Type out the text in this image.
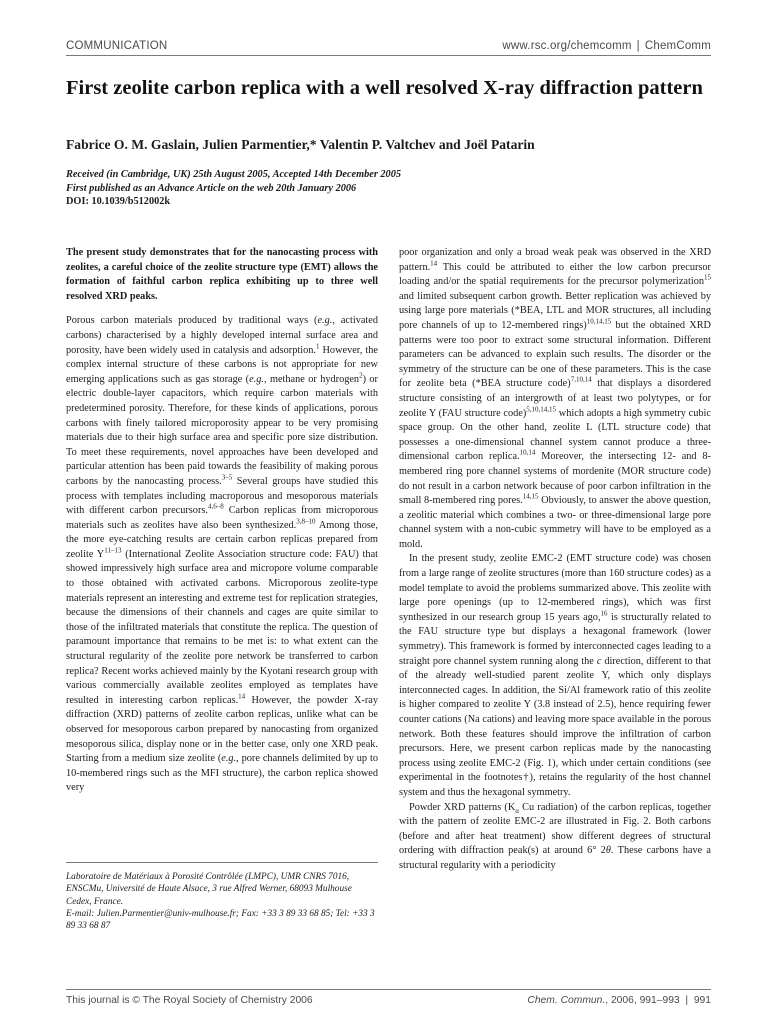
COMMUNICATION	www.rsc.org/chemcomm | ChemComm
First zeolite carbon replica with a well resolved X-ray diffraction pattern
Fabrice O. M. Gaslain, Julien Parmentier,* Valentin P. Valtchev and Joël Patarin
Received (in Cambridge, UK) 25th August 2005, Accepted 14th December 2005
First published as an Advance Article on the web 20th January 2006
DOI: 10.1039/b512002k

The present study demonstrates that for the nanocasting process with zeolites, a careful choice of the zeolite structure type (EMT) allows the formation of faithful carbon replica exhibiting up to three well resolved XRD peaks.

Porous carbon materials produced by traditional ways (e.g., activated carbons) characterised by a highly developed internal surface area and porosity, have been widely used in catalysis and adsorption.$^1$ However, the complex internal structure of these carbons is not appropriate for new emerging applications such as gas storage (e.g., methane or hydrogen$^2$) or electric double-layer capacitors, which require carbon materials with predetermined porosity. Therefore, for these kinds of applications, porous carbons with finely tailored microporosity appear to be very promising materials due to their high surface area and specific pore size distribution. To meet these requirements, novel approaches have been developed and particular attention has been paid towards the feasibility of making porous carbons by the nanocasting process.$^{3-5}$ Several groups have studied this process with templates including macroporous and mesoporous materials with different carbon precursors.$^{4,6-8}$ Carbon replicas from microporous materials such as zeolites have also been synthesized.$^{3,8-10}$ Among those, the more eye-catching results are certain carbon replicas prepared from zeolite $Y^{11-13}$ (International Zeolite Association structure code: FAU) that showed impressively high surface area and micropore volume comparable to those obtained with activated carbons. Microporous zeolite-type materials represent an interesting and extreme test for replication strategies, because the dimensions of their channels and cages are quite similar to those of the infiltrated materials that constitute the replica. The question of paramount importance that remains to be met is: to what extent can the structural regularity of the zeolite pore network be transferred to carbon replica? Recent works achieved mainly by the Kyotani research group with various commercially available zeolites employed as templates have resulted in interesting carbon replicas.$^{14}$ However, the powder X-ray diffraction (XRD) patterns of zeolite carbon replicas, unlike what can be observed for mesoporous carbon prepared by nanocasting from organized mesoporous silica, display none or in the better case, only one XRD peak. Starting from a medium size zeolite (e.g., pore channels delimited by up to 10-membered rings such as the MFI structure), the carbon replica showed very

Laboratoire de Matériaux à Porosité Contrôlée (LMPC), UMR CNRS 7016, ENSCMu, Université de Haute Alsace, 3 rue Alfred Werner, 68093 Mulhouse Cedex, France.
E-mail: Julien.Parmentier@univ-mulhouse.fr; Fax: +33 3 89 33 68 85; Tel: +33 3 89 33 68 87

poor organization and only a broad weak peak was observed in the XRD pattern.$^{14}$ This could be attributed to either the low carbon precursor loading and/or the spatial requirements for the precursor polymerization$^{15}$ and limited subsequent carbon growth. Better replication was achieved by using large pore materials (*BEA, LTL and MOR structures, all including pore channels of up to 12-membered rings)$^{10,14,15}$ but the obtained XRD patterns were too poor to extract some structural information. Different parameters can be advanced to explain such results. The disorder or the symmetry of the structure can be one of these parameters. This is the case for zeolite beta (*BEA structure code)$^{7,10,14}$ that displays a disordered structure consisting of an intergrowth of at least two polytypes, or for zeolite Y (FAU structure code)$^{5,10,14,15}$ which adopts a high symmetry cubic space group. On the other hand, zeolite L (LTL structure code) that possesses a one-dimensional channel system cannot produce a three-dimensional carbon replica.$^{10,14}$ Moreover, the intersecting 12- and 8-membered ring pore channel systems of mordenite (MOR structure code) do not result in a carbon network because of poor carbon infiltration in the small 8-membered ring pores.$^{14,15}$ Obviously, to answer the above question, a zeolitic material which combines a two- or three-dimensional large pore channel system with a non-cubic symmetry will have to be employed as a mold.

In the present study, zeolite EMC-2 (EMT structure code) was chosen from a large range of zeolite structures (more than 160 structure codes) as a model template to avoid the problems summarized above. This zeolite with large pore openings (up to 12-membered rings), which was first synthesized in our research group 15 years ago,$^{16}$ is structurally related to the FAU structure type but displays a hexagonal framework (lower symmetry). This framework is formed by interconnected cages leading to a straight pore channel system running along the c direction, different to that of the already well-studied parent zeolite Y, which only displays interconnected cages. In addition, the Si/Al framework ratio of this zeolite is higher compared to zeolite Y (3.8 instead of 2.5), hence requiring fewer counter cations (Na cations) and leaving more space available in the porous network. Both these features should improve the infiltration of carbon precursors. Here, we present carbon replicas made by the nanocasting process using zeolite EMC-2 (Fig. 1), which under certain conditions (see experimental in the footnotes†), retains the regularity of the host channel system and thus the hexagonal symmetry.

Powder XRD patterns ($K_\alpha$ Cu radiation) of the carbon replicas, together with the pattern of zeolite EMC-2 are illustrated in Fig. 2. Both carbons (before and after heat treatment) show different degrees of structural ordering with diffraction peak(s) at around 6° 2θ. These carbons have a structural regularity with a periodicity

This journal is © The Royal Society of Chemistry 2006	Chem. Commun., 2006, 991–993 | 991
